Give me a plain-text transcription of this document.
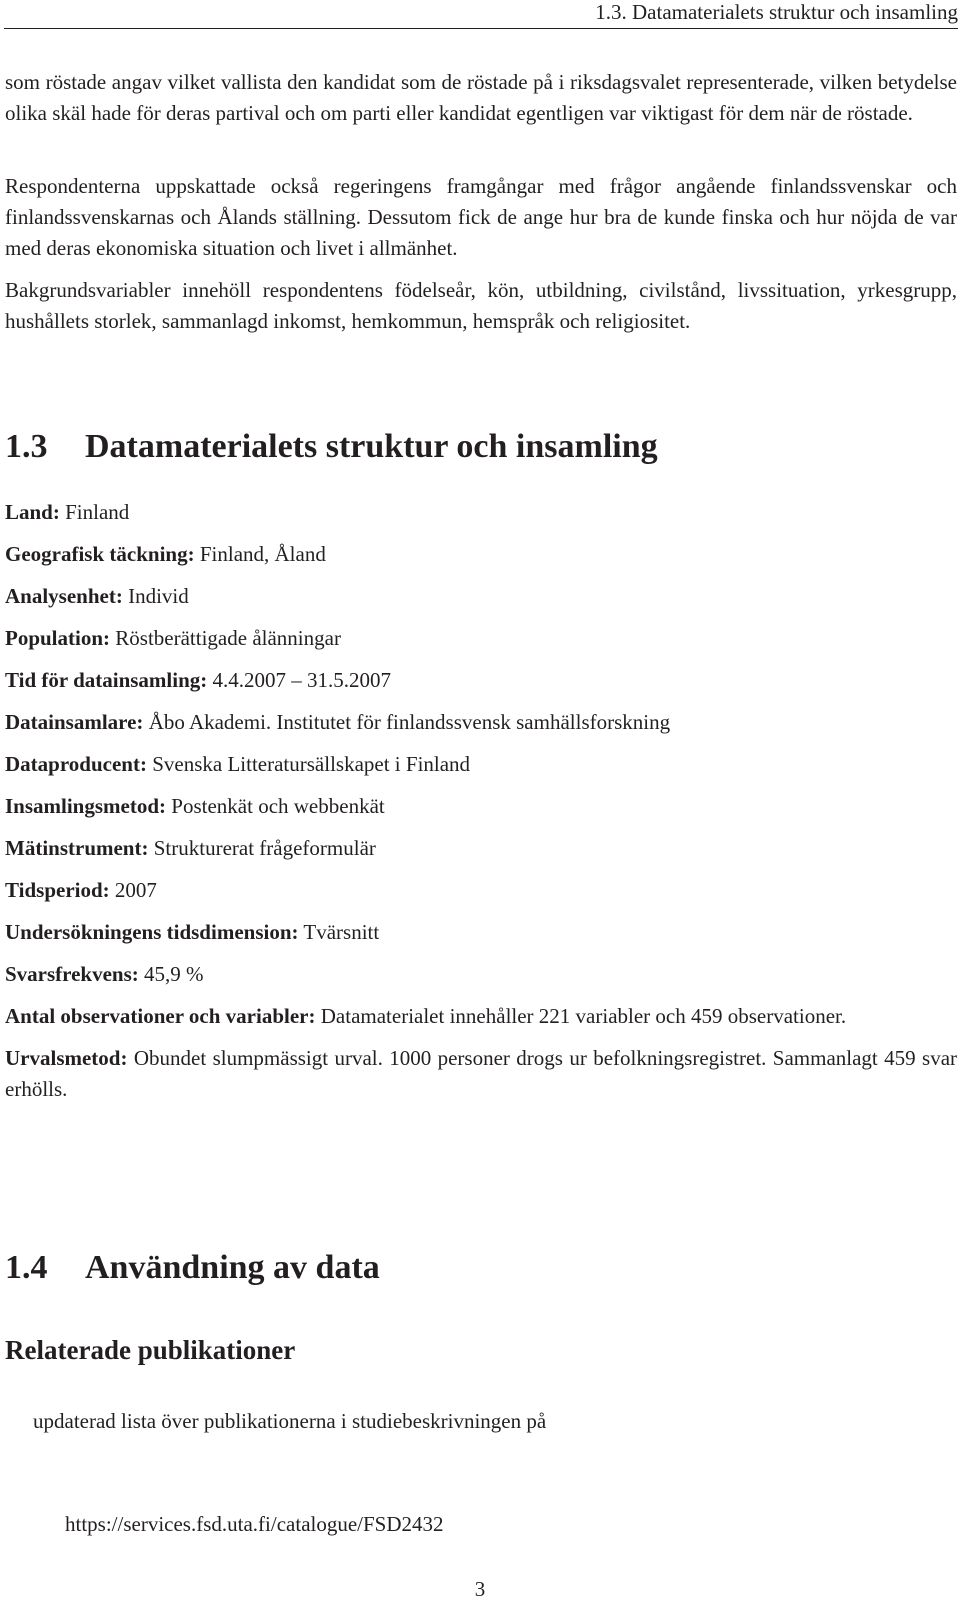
1.3. Datamaterialets struktur och insamling

som röstade angav vilket vallista den kandidat som de röstade på i riksdagsvalet representerade, vilken betydelse olika skäl hade för deras partival och om parti eller kandidat egentligen var viktigast för dem när de röstade.

Respondenterna uppskattade också regeringens framgångar med frågor angående finlandssvenskar och finlandssvenskarnas och Ålands ställning. Dessutom fick de ange hur bra de kunde finska och hur nöjda de var med deras ekonomiska situation och livet i allmänhet.

Bakgrundsvariabler innehöll respondentens födelseår, kön, utbildning, civilstånd, livssituation, yrkesgrupp, hushållets storlek, sammanlagd inkomst, hemkommun, hemspråk och religiositet.

1.3 Datamaterialets struktur och insamling

Land: Finland

Geografisk täckning: Finland, Åland

Analysenhet: Individ

Population: Röstberättigade ålänningar

Tid för datainsamling: 4.4.2007 – 31.5.2007

Datainsamlare: Åbo Akademi. Institutet för finlandssvensk samhällsforskning

Dataproducent: Svenska Litteratursällskapet i Finland

Insamlingsmetod: Postenkät och webbenkät

Mätinstrument: Strukturerat frågeformulär

Tidsperiod: 2007

Undersökningens tidsdimension: Tvärsnitt

Svarsfrekvens: 45,9 %

Antal observationer och variabler: Datamaterialet innehåller 221 variabler och 459 observationer.

Urvalsmetod: Obundet slumpmässigt urval. 1000 personer drogs ur befolkningsregistret. Sammanlagt 459 svar erhölls.

1.4 Användning av data
Relaterade publikationer

updaterad lista över publikationerna i studiebeskrivningen på

https://services.fsd.uta.fi/catalogue/FSD2432
3
